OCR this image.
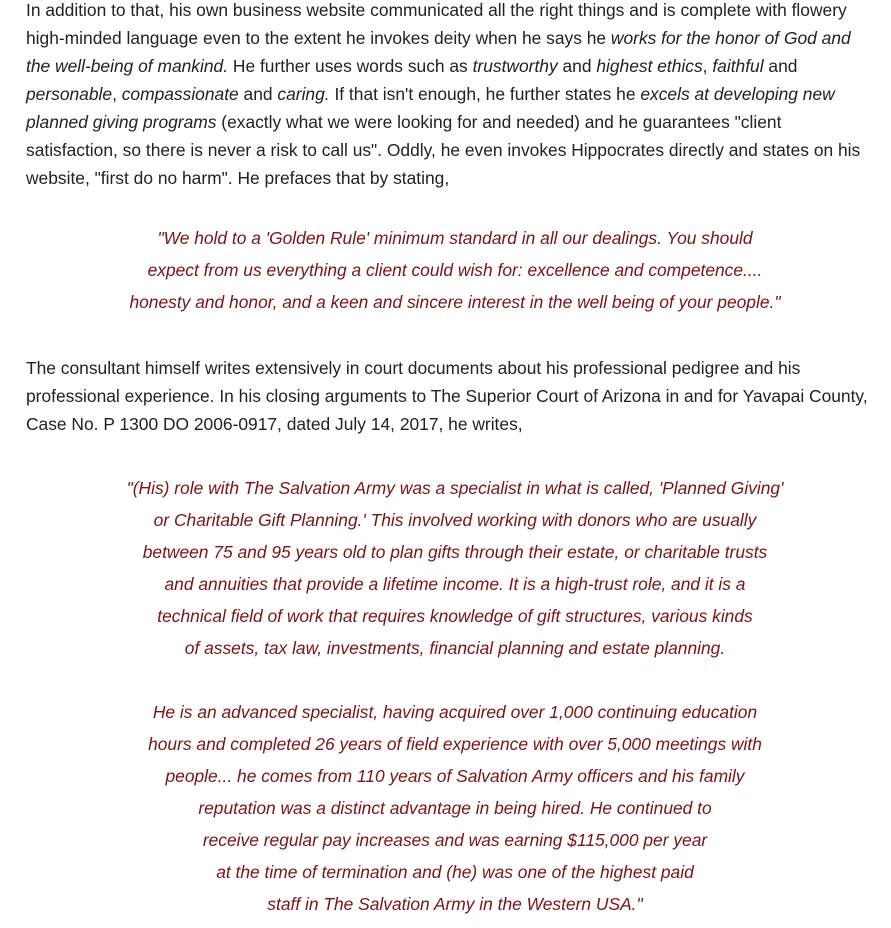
In addition to that, his own business website communicated all the right things and is complete with flowery high-minded language even to the extent he invokes deity when he says he works for the honor of God and the well-being of mankind. He further uses words such as trustworthy and highest ethics, faithful and personable, compassionate and caring. If that isn't enough, he further states he excels at developing new planned giving programs (exactly what we were looking for and needed) and he guarantees "client satisfaction, so there is never a risk to call us". Oddly, he even invokes Hippocrates directly and states on his website, "first do no harm". He prefaces that by stating,

"We hold to a 'Golden Rule' minimum standard in all our dealings. You should
expect from us everything a client could wish for: excellence and competence....
honesty and honor, and a keen and sincere interest in the well being of your people."

The consultant himself writes extensively in court documents about his professional pedigree and his professional experience. In his closing arguments to The Superior Court of Arizona in and for Yavapai County, Case No. P 1300 DO 2006-0917, dated July 14, 2017, he writes,

"(His) role with The Salvation Army was a specialist in what is called, 'Planned Giving'
or Charitable Gift Planning.' This involved working with donors who are usually
between 75 and 95 years old to plan gifts through their estate, or charitable trusts
and annuities that provide a lifetime income. It is a high-trust role, and it is a
technical field of work that requires knowledge of gift structures, various kinds
of assets, tax law, investments, financial planning and estate planning.
He is an advanced specialist, having acquired over 1,000 continuing education
hours and completed 26 years of field experience with over 5,000 meetings with
people... he comes from 110 years of Salvation Army officers and his family
reputation was a distinct advantage in being hired. He continued to
receive regular pay increases and was earning $115,000 per year
at the time of termination and (he) was one of the highest paid
staff in The Salvation Army in the Western USA."
